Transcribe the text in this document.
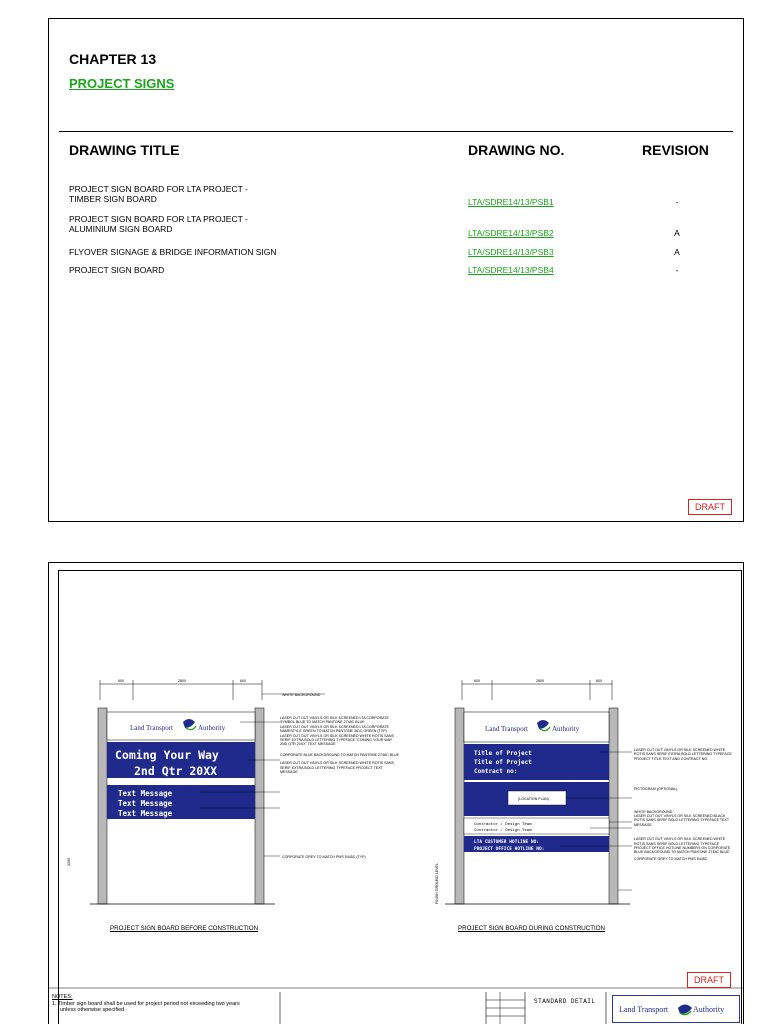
CHAPTER 13
PROJECT SIGNS
DRAWING TITLE	DRAWING NO.	REVISION
PROJECT SIGN BOARD FOR LTA PROJECT -
TIMBER SIGN BOARD	LTA/SDRE14/13/PSB1	-
PROJECT SIGN BOARD FOR LTA PROJECT -
ALUMINIUM SIGN BOARD	LTA/SDRE14/13/PSB2	A
FLYOVER SIGNAGE & BRIDGE INFORMATION SIGN	LTA/SDRE14/13/PSB3	A
PROJECT SIGN BOARD	LTA/SDRE14/13/PSB4	-
DRAFT
600	2800	600
Land Transport	Authority
Coming Your Way
2nd Qtr 20XX
Text Message
Text Message
Text Message
3300
WHITE BACKGROUND
LASER CUT OUT VINYLS OR SILK SCREENED LTA CORPORATE SYMBOL BLUE TO MATCH PANTONE 2748C BLUE
LASER CUT OUT VINYLS OR SILK SCREENED LTA CORPORATE NAMESTYLE GREEN TO MATCH PANTONE 361C GREEN (TYP)
LASER CUT OUT VINYLS OR SILK SCREENED WHITE ROTIS SANS SERIF EXTRA BOLD LETTERING TYPEFACE "COMING YOUR WAY 2ND QTR 20XX" TEXT MESSAGE
CORPORATE BLUE BACKGROUND TO MATCH PANTONE 2748C BLUE
LASER CUT OUT VINYLS OR SILK SCREENED WHITE ROTIS SANS SERIF EXTRA BOLD LETTERING TYPEFACE PROJECT TEXT MESSAGE
CORPORATE GREY TO MATCH PMS 5445C (TYP)
600	2800	600
Land Transport	Authority
Title of Project
Title of Project
Contract no:
(LOCATION PLAN)
Contractor / Design Team
Contractor / Design Team
LTA CUSTOMER HOTLINE NO:
PROJECT OFFICE HOTLINE NO:
FINISH GROUND LEVEL
LASER CUT OUT VINYLS OR SILK SCREENED WHITE ROTIS SANS SERIF EXTRA BOLD LETTERING TYPEFACE PROJECT TITLE TEXT AND CONTRACT NO.
PICTOGRAM (OPTIONAL)
WHITE BACKGROUND
LASER CUT OUT VINYLS OR SILK SCREENED BLACK ROTIS SANS SERIF BOLD LETTERING TYPEFACE TEXT MESSAGE
LASER CUT OUT VINYLS OR SILK SCREENED WHITE ROTIS SANS SERIF BOLD LETTERING TYPEFACE PROJECT OFFICE HOTLINE NUMBERS ON CORPORATE BLUE BACKGROUND TO MATCH PANTONE 2748C BLUE
CORPORATE GREY TO MATCH PMS 5445C
PROJECT SIGN BOARD BEFORE CONSTRUCTION	PROJECT SIGN BOARD DURING CONSTRUCTION
DRAFT
NOTES:
1. Timber sign board shall be used for project period not exceeding two years
unless otherwise specified.
STANDARD DETAIL
Land Transport	Authority
